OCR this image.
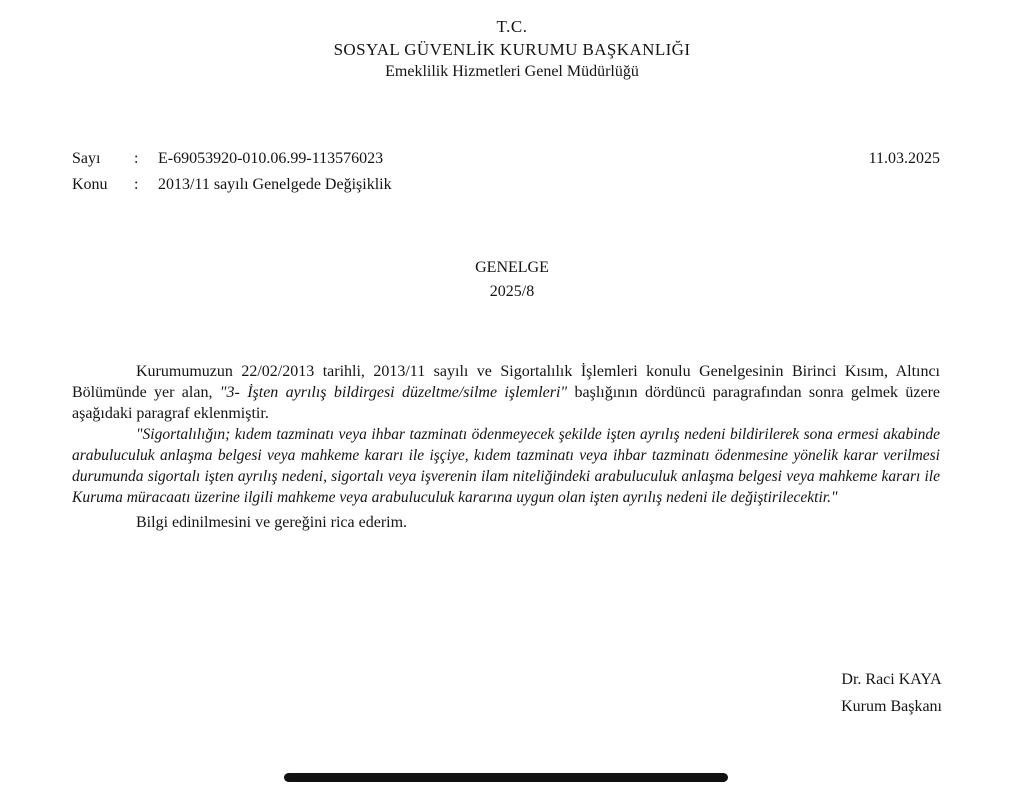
T.C.
SOSYAL GÜVENLİK KURUMU BAŞKANLIĞI
Emeklilik Hizmetleri Genel Müdürlüğü
Sayı : E-69053920-010.06.99-113576023	11.03.2025
Konu : 2013/11 sayılı Genelgede Değişiklik
GENELGE
2025/8

Kurumumuzun 22/02/2013 tarihli, 2013/11 sayılı ve Sigortalılık İşlemleri konulu Genelgesinin Birinci Kısım, Altıncı Bölümünde yer alan, "3- İşten ayrılış bildirgesi düzeltme/silme işlemleri" başlığının dördüncü paragrafından sonra gelmek üzere aşağıdaki paragraf eklenmiştir.

"Sigortalılığın; kıdem tazminatı veya ihbar tazminatı ödenmeyecek şekilde işten ayrılış nedeni bildirilerek sona ermesi akabinde arabuluculuk anlaşma belgesi veya mahkeme kararı ile işçiye, kıdem tazminatı veya ihbar tazminatı ödenmesine yönelik karar verilmesi durumunda sigortalı işten ayrılış nedeni, sigortalı veya işverenin ilam niteliğindeki arabuluculuk anlaşma belgesi veya mahkeme kararı ile Kuruma müracaatı üzerine ilgili mahkeme veya arabuluculuk kararına uygun olan işten ayrılış nedeni ile değiştirilecektir."

Bilgi edinilmesini ve gereğini rica ederim.

Dr. Raci KAYA
Kurum Başkanı
